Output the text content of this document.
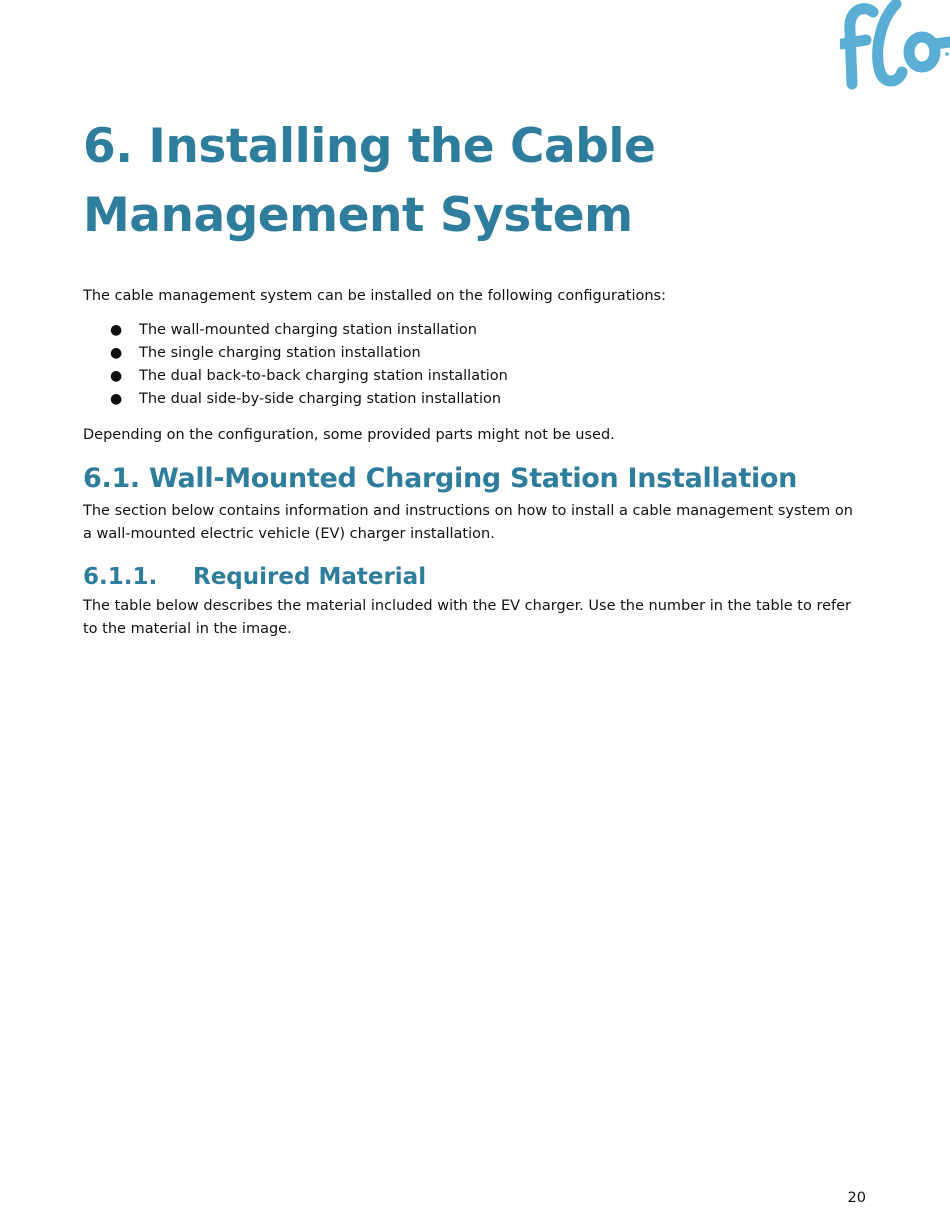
6. Installing the Cable
Management System

The cable management system can be installed on the following configurations:

● The wall-mounted charging station installation
● The single charging station installation
● The dual back-to-back charging station installation
● The dual side-by-side charging station installation

Depending on the configuration, some provided parts might not be used.

6.1. Wall-Mounted Charging Station Installation

The section below contains information and instructions on how to install a cable management system on a wall-mounted electric vehicle (EV) charger installation.

6.1.1. Required Material

The table below describes the material included with the EV charger. Use the number in the table to refer to the material in the image.

20
